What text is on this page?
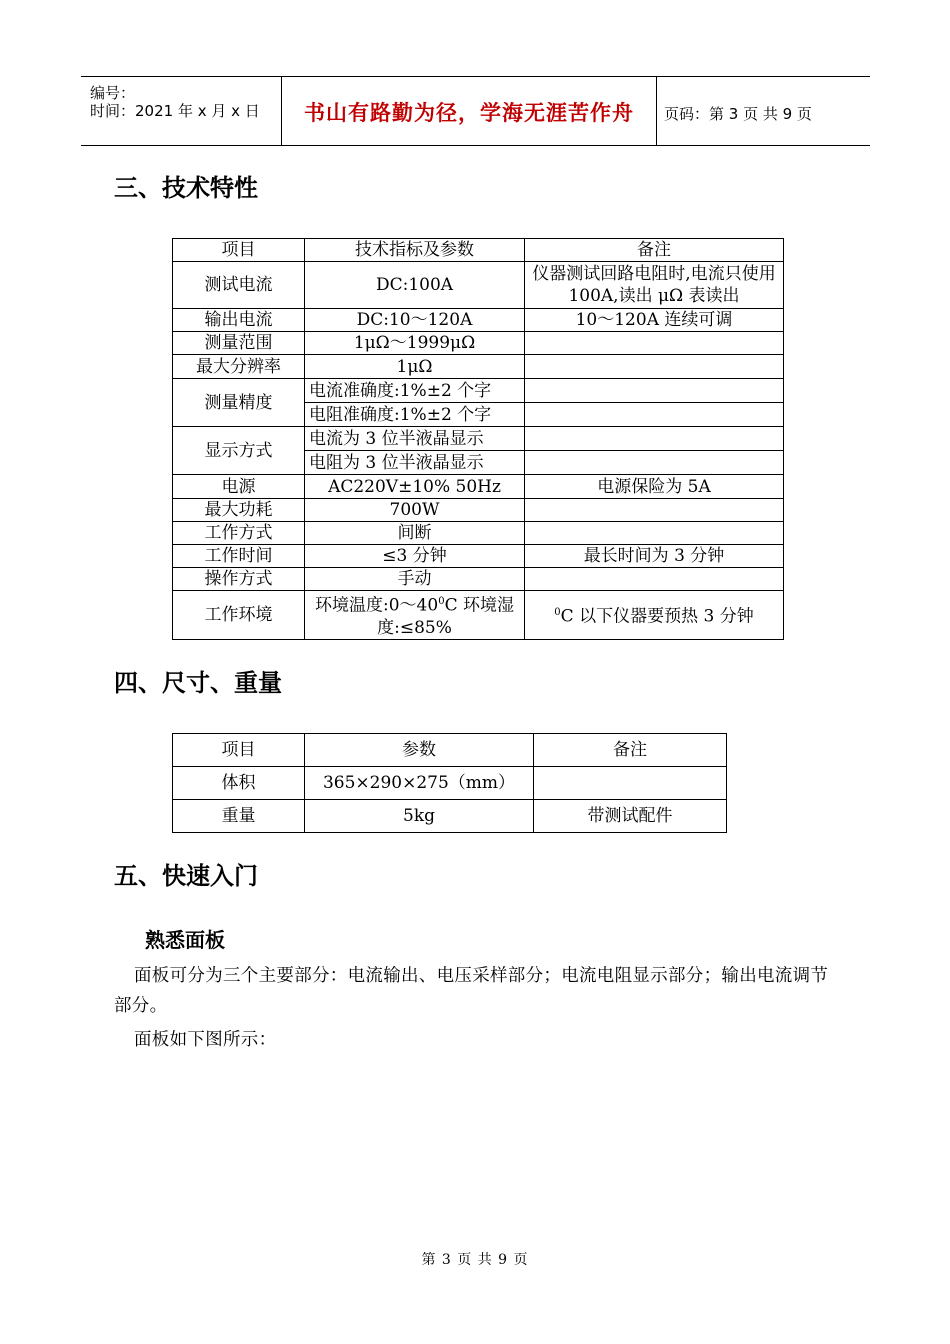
编号：
时间：2021 年 x 月 x 日	书山有路勤为径，学海无涯苦作舟	页码：第 3 页 共 9 页
三、技术特性
项目	技术指标及参数	备注
测试电流	DC:100A	仪器测试回路电阻时,电流只使用 100A,读出 μΩ 表读出
输出电流	DC:10～120A	10～120A 连续可调
测量范围	1μΩ～1999μΩ	
最大分辨率	1μΩ	
测量精度	电流准确度:1%±2 个字	
	电阻准确度:1%±2 个字	
显示方式	电流为 3 位半液晶显示	
	电阻为 3 位半液晶显示	
电源	AC220V±10% 50Hz	电源保险为 5A
最大功耗	700W	
工作方式	间断	
工作时间	≤3 分钟	最长时间为 3 分钟
操作方式	手动	
工作环境	环境温度$:0\sim 40^0C$ 环境湿度:≤85%	$^0$C 以下仪器要预热 3 分钟
四、尺寸、重量
项目	参数	备注
体积	365×290×275（mm）	
重量	5kg	带测试配件
五、快速入门
熟悉面板
面板可分为三个主要部分：电流输出、电压采样部分；电流电阻显示部分；输出电流调节部分。
面板如下图所示：
第 3 页 共 9 页
